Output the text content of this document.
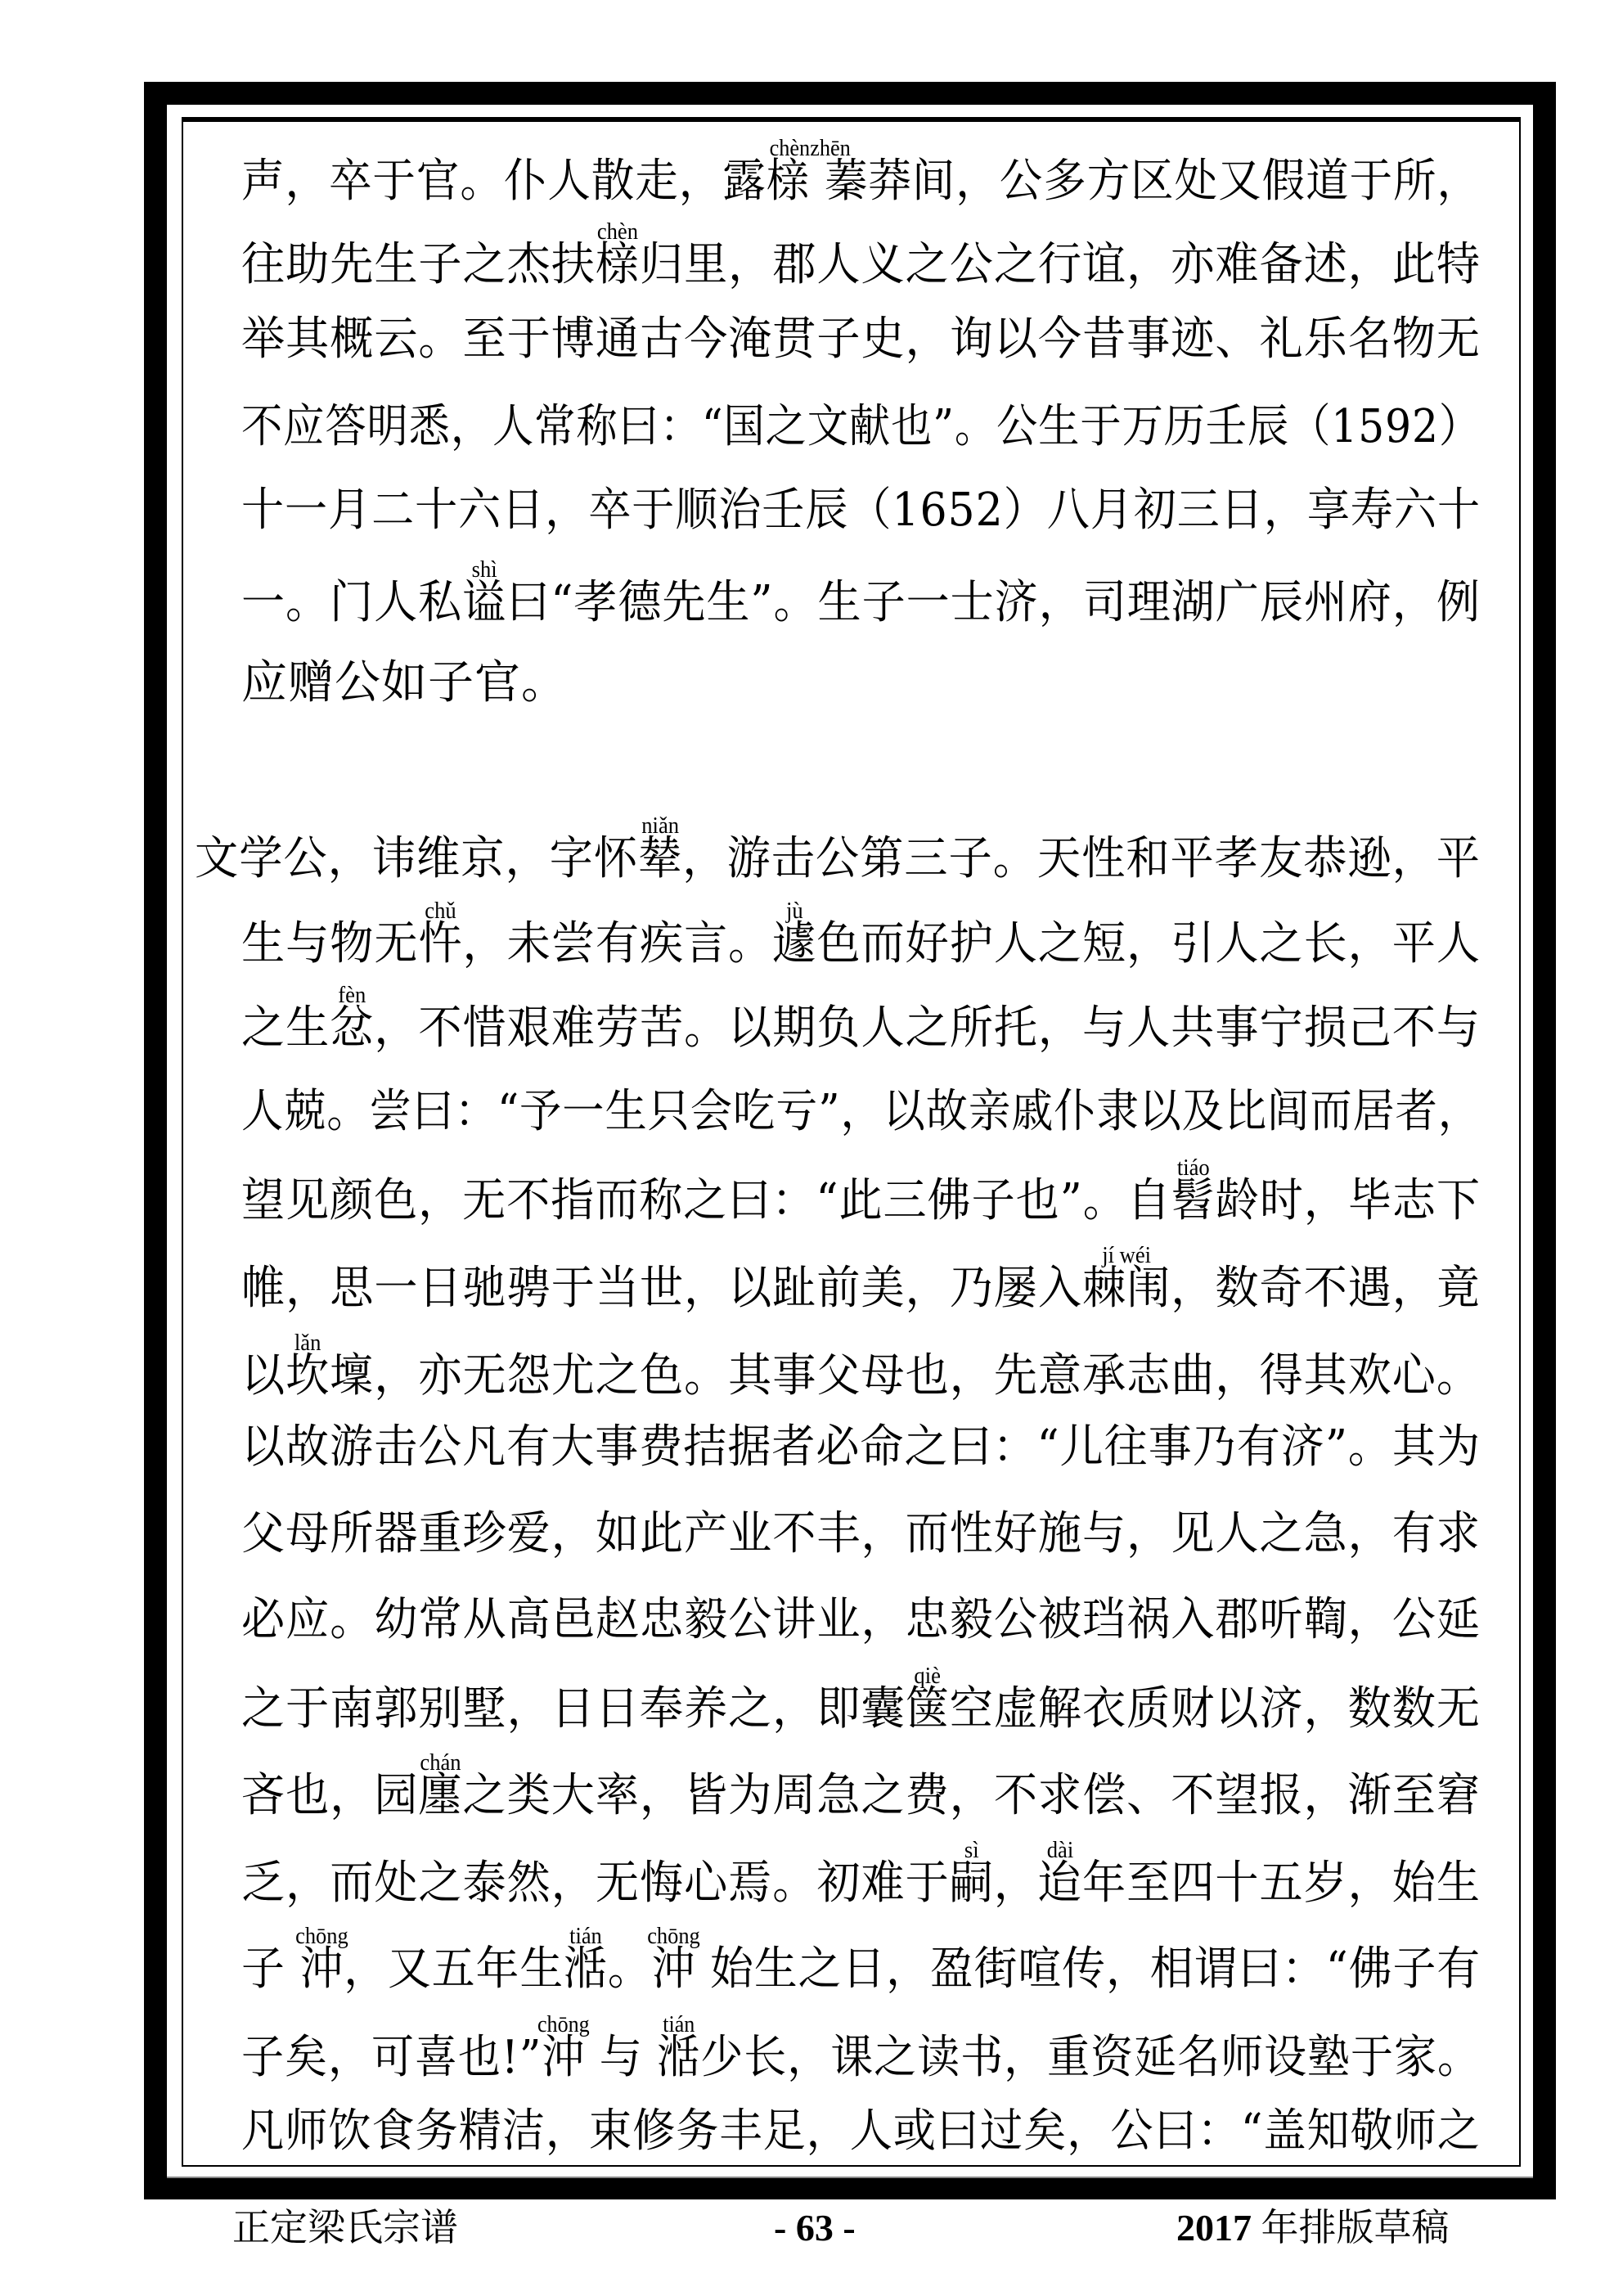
声，卒于官。仆人散走，露榇
chènzhēn
蓁莽间，公多方区处又假道于所，
往助先生子之杰扶榇
chèn
归里，郡人义之公之行谊，亦难备述，此特
举其概云。至于博通古今淹贯子史，询以今昔事迹、礼乐名物无
不应答明悉，人常称曰：“国之文献也”。公生于万历壬辰（1592）
十一月二十六日，卒于顺治壬辰（1652）八月初三日，享寿六十
一。门人私谥
shì
曰“孝德先生”。生子一士济，司理湖广辰州府，例
应赠公如子官。
文学公，讳维京，字怀辇
niǎn
，游击公第三子。天性和平孝友恭逊，平
生与物无忤
chǔ
，未尝有疾言。遽
jù
色而好护人之短，引人之长，平人
之生忿
fèn
，不惜艰难劳苦。以期负人之所托，与人共事宁损己不与
人兢。尝曰：“予一生只会吃亏”，以故亲戚仆隶以及比闾而居者，
望见颜色，无不指而称之曰：“此三佛子也”。自髫
tiáo
龄时，毕志下
帷，思一日驰骋于当世，以趾前美，乃屡入棘闱
jí wéi
，数奇不遇，竟
以坎
lǎn
壈，亦无怨尤之色。其事父母也，先意承志曲，得其欢心。
以故游击公凡有大事费拮据者必命之曰：“儿往事乃有济”。其为
父母所器重珍爱，如此产业不丰，而性好施与，见人之急，有求
必应。幼常从高邑赵忠毅公讲业，忠毅公被珰祸入郡听鞫，公延
之于南郭别墅，日日奉养之，即囊箧
qiè
空虚解衣质财以济，数数无
吝也，园廛
chán
之类大率，皆为周急之费，不求偿、不望报，渐至窘
乏，而处之泰然，无悔心焉。初难于嗣
sì
，迨
dài
年至四十五岁，始生
子 沖
chōng
，又五年生湉
tián
。沖
chōng
始生之日，盈街喧传，相谓曰：“佛子有
子矣，可喜也!”沖
chōng
与 湉
tián
少长，课之读书，重资延名师设塾于家。
凡师饮食务精洁，束修务丰足，人或曰过矣，公曰：“盖知敬师之
正定梁氏宗谱	- 63 -	2017 年排版草稿
